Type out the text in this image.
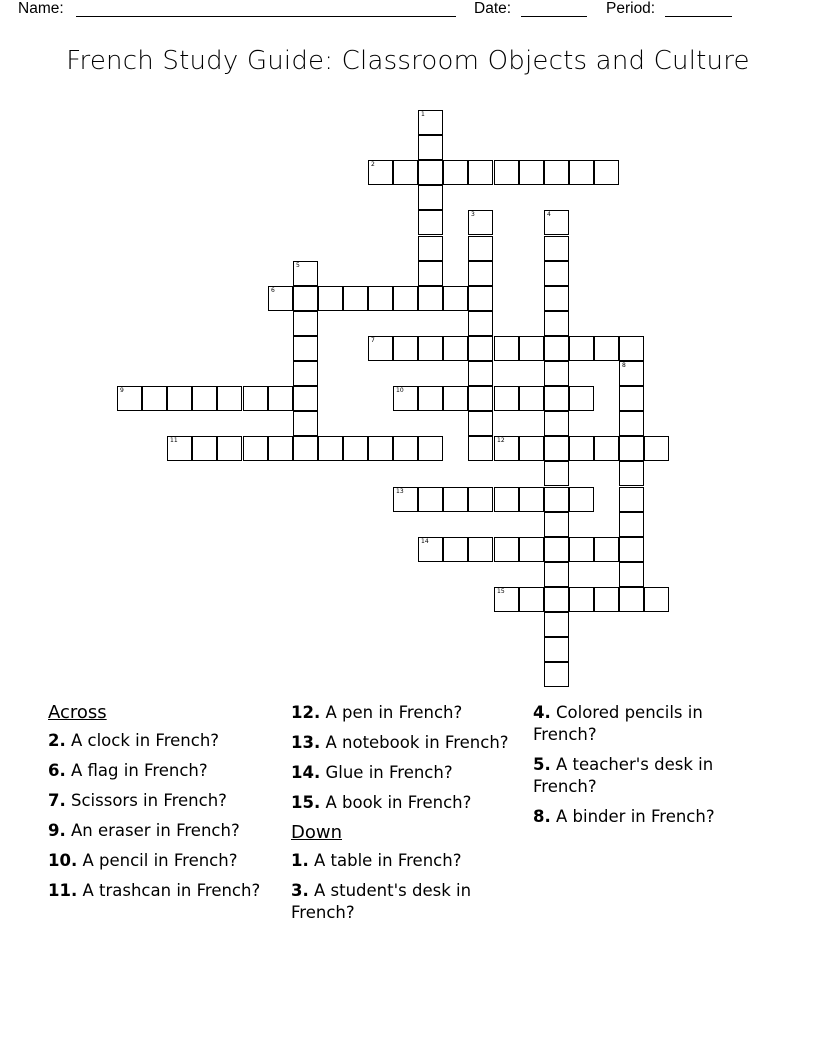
Name:	Date:	Period:
French Study Guide: Classroom Objects and Culture
1
2
3	4
5
6
7
8
9	10
11	12
13
14
15
Across
2. A clock in French?
6. A flag in French?
7. Scissors in French?
9. An eraser in French?
10. A pencil in French?
11. A trashcan in French?
12. A pen in French?
13. A notebook in French?
14. Glue in French?
15. A book in French?
Down
1. A table in French?
3. A student's desk in French?
4. Colored pencils in French?
5. A teacher's desk in French?
8. A binder in French?
